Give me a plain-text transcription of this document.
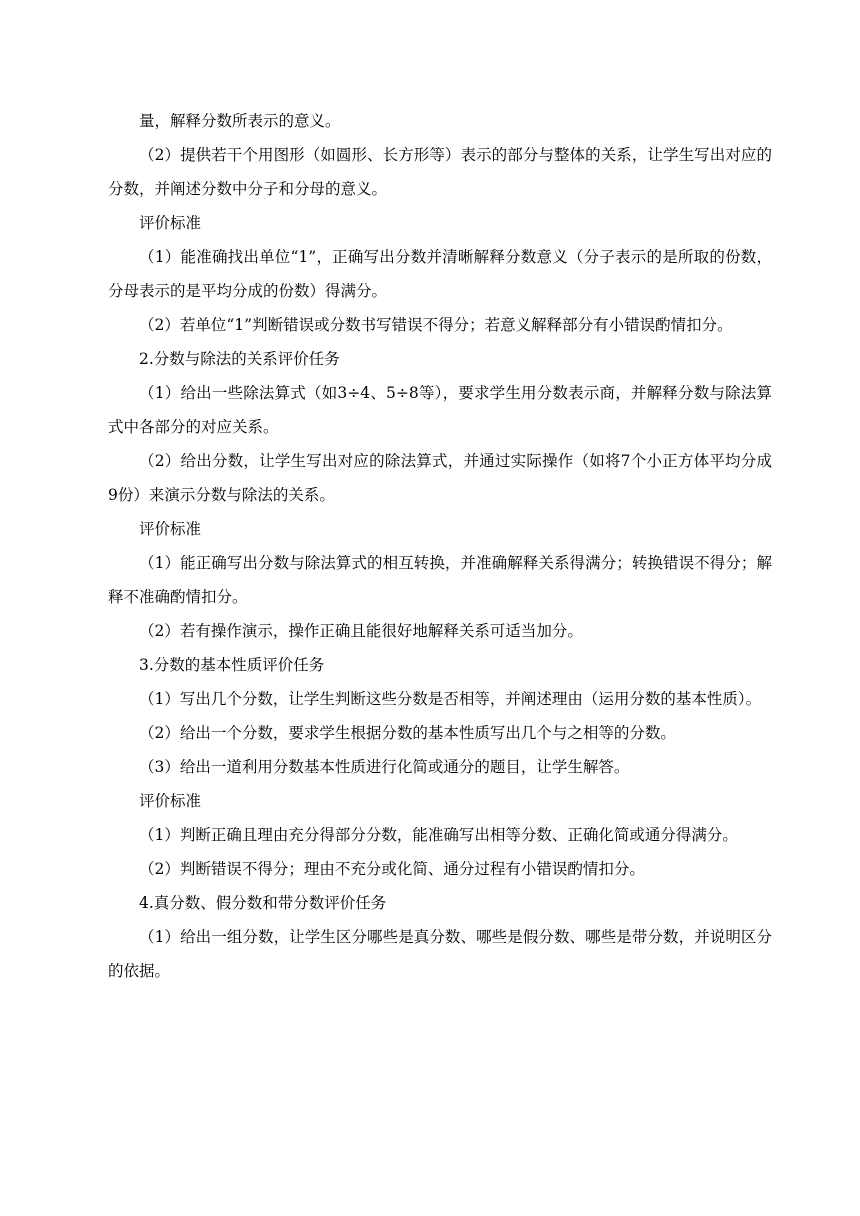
量，解释分数所表示的意义。

（2）提供若干个用图形（如圆形、长方形等）表示的部分与整体的关系，让学生写出对应的分数，并阐述分数中分子和分母的意义。

评价标准

（1）能准确找出单位“1”，正确写出分数并清晰解释分数意义（分子表示的是所取的份数，分母表示的是平均分成的份数）得满分。

（2）若单位“1”判断错误或分数书写错误不得分；若意义解释部分有小错误酌情扣分。

2.分数与除法的关系评价任务

（1）给出一些除法算式（如3÷4、5÷8等），要求学生用分数表示商，并解释分数与除法算式中各部分的对应关系。

（2）给出分数，让学生写出对应的除法算式，并通过实际操作（如将7个小正方体平均分成9份）来演示分数与除法的关系。

评价标准

（1）能正确写出分数与除法算式的相互转换，并准确解释关系得满分；转换错误不得分；解释不准确酌情扣分。

（2）若有操作演示，操作正确且能很好地解释关系可适当加分。

3.分数的基本性质评价任务

（1）写出几个分数，让学生判断这些分数是否相等，并阐述理由（运用分数的基本性质）。

（2）给出一个分数，要求学生根据分数的基本性质写出几个与之相等的分数。

（3）给出一道利用分数基本性质进行化简或通分的题目，让学生解答。

评价标准

（1）判断正确且理由充分得部分分数，能准确写出相等分数、正确化简或通分得满分。

（2）判断错误不得分；理由不充分或化简、通分过程有小错误酌情扣分。

4.真分数、假分数和带分数评价任务

（1）给出一组分数，让学生区分哪些是真分数、哪些是假分数、哪些是带分数，并说明区分的依据。
